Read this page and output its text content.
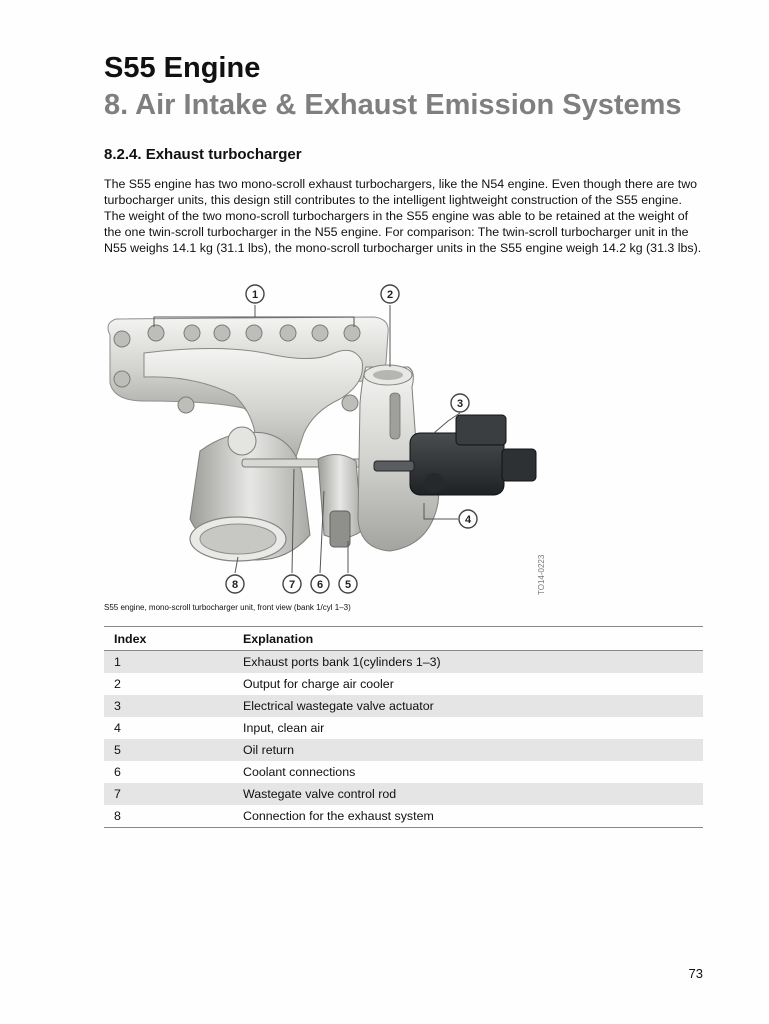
S55 Engine
8. Air Intake & Exhaust Emission Systems
8.2.4. Exhaust turbocharger

The S55 engine has two mono-scroll exhaust turbochargers, like the N54 engine. Even though there are two turbocharger units, this design still contributes to the intelligent lightweight construction of the S55 engine. The weight of the two mono-scroll turbochargers in the S55 engine was able to be retained at the weight of the one twin-scroll turbocharger in the N55 engine. For comparison: The twin-scroll turbocharger unit in the N55 weighs 14.1 kg (31.1 lbs), the mono-scroll turbocharger units in the S55 engine weigh 14.2 kg (31.3 lbs).

1	2
3
4
5
6
7
8	TO14-0223

S55 engine, mono-scroll turbocharger unit, front view (bank 1/cyl 1–3)

Index	Explanation
1	Exhaust ports bank 1(cylinders 1–3)
2	Output for charge air cooler
3	Electrical wastegate valve actuator
4	Input, clean air
5	Oil return
6	Coolant connections
7	Wastegate valve control rod
8	Connection for the exhaust system

73
